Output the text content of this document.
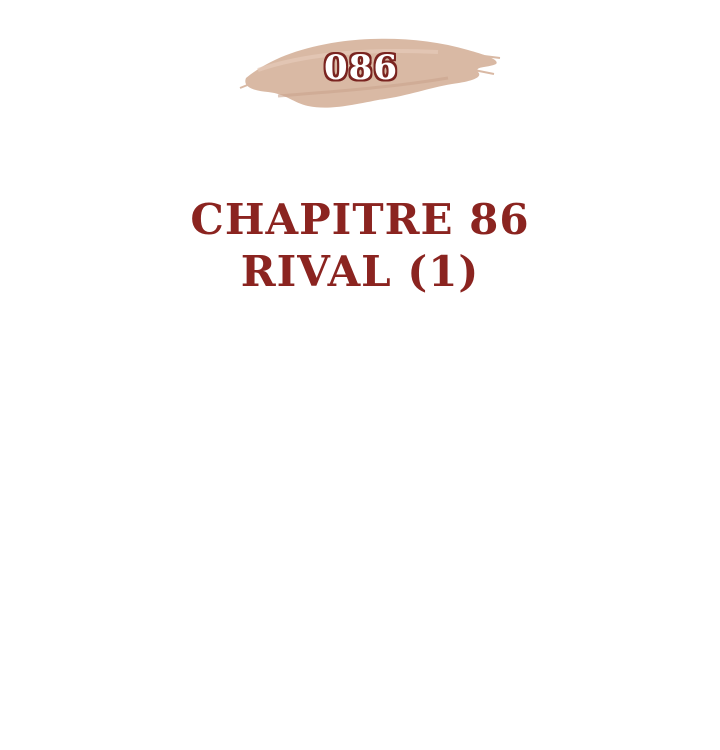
086
CHAPITRE 86
RIVAL (1)
